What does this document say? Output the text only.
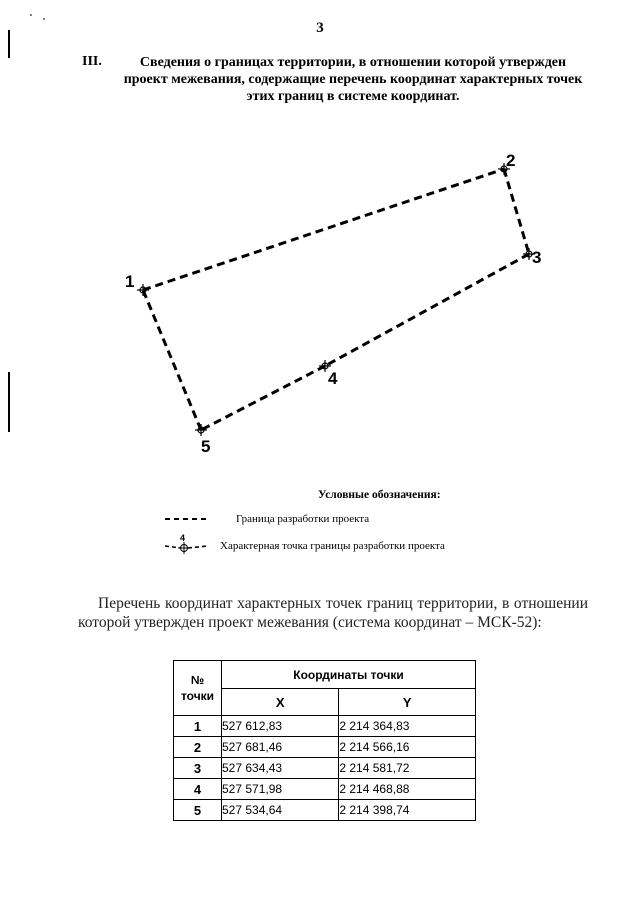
3
III.	Сведения о границах территории, в отношении которой утвержден проект межевания, содержащие перечень координат характерных точек этих границ в системе координат.
1
2
3
4
5
4
Условные обозначения:
Граница разработки проекта
Характерная точка границы разработки проекта
Перечень координат характерных точек границ территории, в отношении которой утвержден проект межевания (система координат – МСК-52):
№
точки	Координаты точки	
	X	Y
1	527 612,83	2 214 364,83
2	527 681,46	2 214 566,16
3	527 634,43	2 214 581,72
4	527 571,98	2 214 468,88
5	527 534,64	2 214 398,74
